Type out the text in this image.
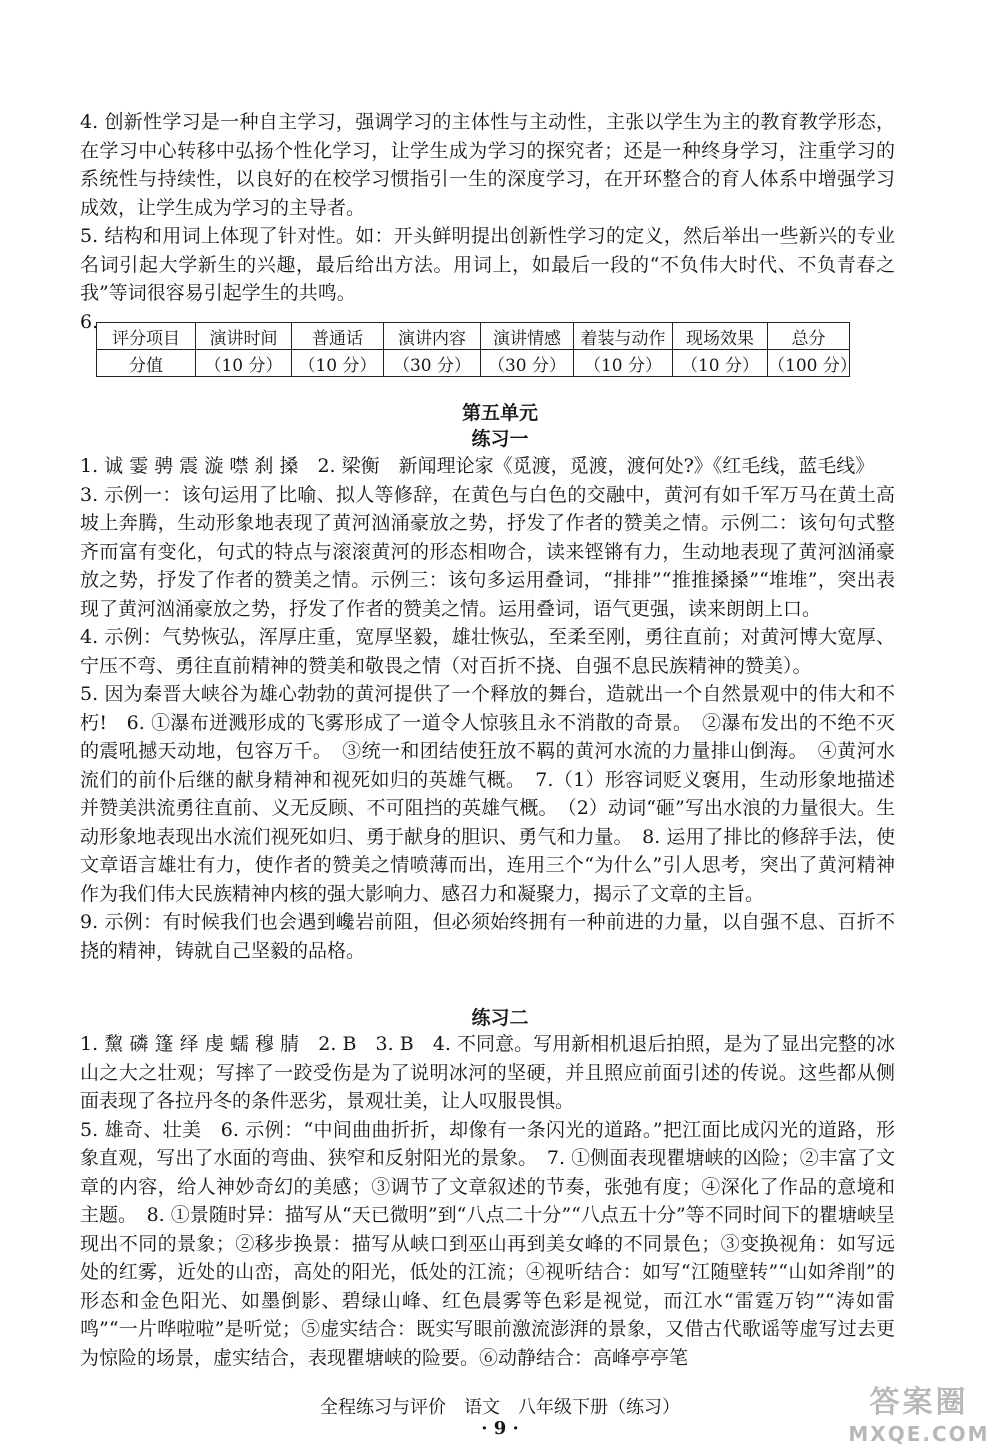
4. 创新性学习是一种自主学习，强调学习的主体性与主动性，主张以学生为主的教育教学形态，在学习中心转移中弘扬个性化学习，让学生成为学习的探究者；还是一种终身学习，注重学习的系统性与持续性，以良好的在校学习惯指引一生的深度学习，在开环整合的育人体系中增强学习成效，让学生成为学习的主导者。

5. 结构和用词上体现了针对性。如：开头鲜明提出创新性学习的定义，然后举出一些新兴的专业名词引起大学新生的兴趣，最后给出方法。用词上，如最后一段的“不负伟大时代、不负青春之我”等词很容易引起学生的共鸣。

6.

评分项目	演讲时间	普通话	演讲内容	演讲情感	着装与动作	现场效果	总分
分值	（10 分）	（10 分）	（30 分）	（30 分）	（10 分）	（10 分）	（100 分）
第五单元
练习一

1. 诚 霎 骋 震 漩 噤 刹 搡　2. 梁衡　新闻理论家《觅渡，觅渡，渡何处?》《红毛线，蓝毛线》

3. 示例一：该句运用了比喻、拟人等修辞，在黄色与白色的交融中，黄河有如千军万马在黄土高坡上奔腾，生动形象地表现了黄河汹涌豪放之势，抒发了作者的赞美之情。示例二：该句句式整齐而富有变化，句式的特点与滚滚黄河的形态相吻合，读来铿锵有力，生动地表现了黄河汹涌豪放之势，抒发了作者的赞美之情。示例三：该句多运用叠词，“排排”“推推搡搡”“堆堆”，突出表现了黄河汹涌豪放之势，抒发了作者的赞美之情。运用叠词，语气更强，读来朗朗上口。

4. 示例：气势恢弘，浑厚庄重，宽厚坚毅，雄壮恢弘，至柔至刚，勇往直前；对黄河博大宽厚、宁压不弯、勇往直前精神的赞美和敬畏之情（对百折不挠、自强不息民族精神的赞美）。

5. 因为秦晋大峡谷为雄心勃勃的黄河提供了一个释放的舞台，造就出一个自然景观中的伟大和不朽!　6. ①瀑布迸溅形成的飞雾形成了一道令人惊骇且永不消散的奇景。　②瀑布发出的不绝不灭的震吼撼天动地，包容万千。　③统一和团结使狂放不羁的黄河水流的力量排山倒海。　④黄河水流们的前仆后继的献身精神和视死如归的英雄气概。　7.（1）形容词贬义褒用，生动形象地描述并赞美洪流勇往直前、义无反顾、不可阻挡的英雄气概。　（2）动词“砸”写出水浪的力量很大。生动形象地表现出水流们视死如归、勇于献身的胆识、勇气和力量。　8. 运用了排比的修辞手法，使文章语言雄壮有力，使作者的赞美之情喷薄而出，连用三个“为什么”引人思考，突出了黄河精神作为我们伟大民族精神内核的强大影响力、感召力和凝聚力，揭示了文章的主旨。

9. 示例：有时候我们也会遇到巉岩前阻，但必须始终拥有一种前进的力量，以自强不息、百折不挠的精神，铸就自己坚毅的品格。

练习二

1. 黧 磷 篷 绎 虔 蠕 穆 腈　2. B　3. B　4. 不同意。写用新相机退后拍照，是为了显出完整的冰山之大之壮观；写摔了一跤受伤是为了说明冰河的坚硬，并且照应前面引述的传说。这些都从侧面表现了各拉丹冬的条件恶劣，景观壮美，让人叹服畏惧。

5. 雄奇、壮美　6. 示例：“中间曲曲折折，却像有一条闪光的道路。”把江面比成闪光的道路，形象直观，写出了水面的弯曲、狭窄和反射阳光的景象。　7. ①侧面表现瞿塘峡的凶险；②丰富了文章的内容，给人神妙奇幻的美感；③调节了文章叙述的节奏，张弛有度；④深化了作品的意境和主题。　8. ①景随时异：描写从“天已微明”到“八点二十分”“八点五十分”等不同时间下的瞿塘峡呈现出不同的景象；②移步换景：描写从峡口到巫山再到美女峰的不同景色；③变换视角：如写远处的红雾，近处的山峦，高处的阳光，低处的江流；④视听结合：如写“江随壁转”“山如斧削”的形态和金色阳光、如墨倒影、碧绿山峰、红色晨雾等色彩是视觉，而江水“雷霆万钧”“涛如雷鸣”“一片哗啦啦”是听觉；⑤虚实结合：既实写眼前激流澎湃的景象，又借古代歌谣等虚写过去更为惊险的场景，虚实结合，表现瞿塘峡的险要。⑥动静结合：高峰亭亭笔

全程练习与评价　语文　八年级下册（练习）
· 9 ·
答案圈
MXQE.COM
